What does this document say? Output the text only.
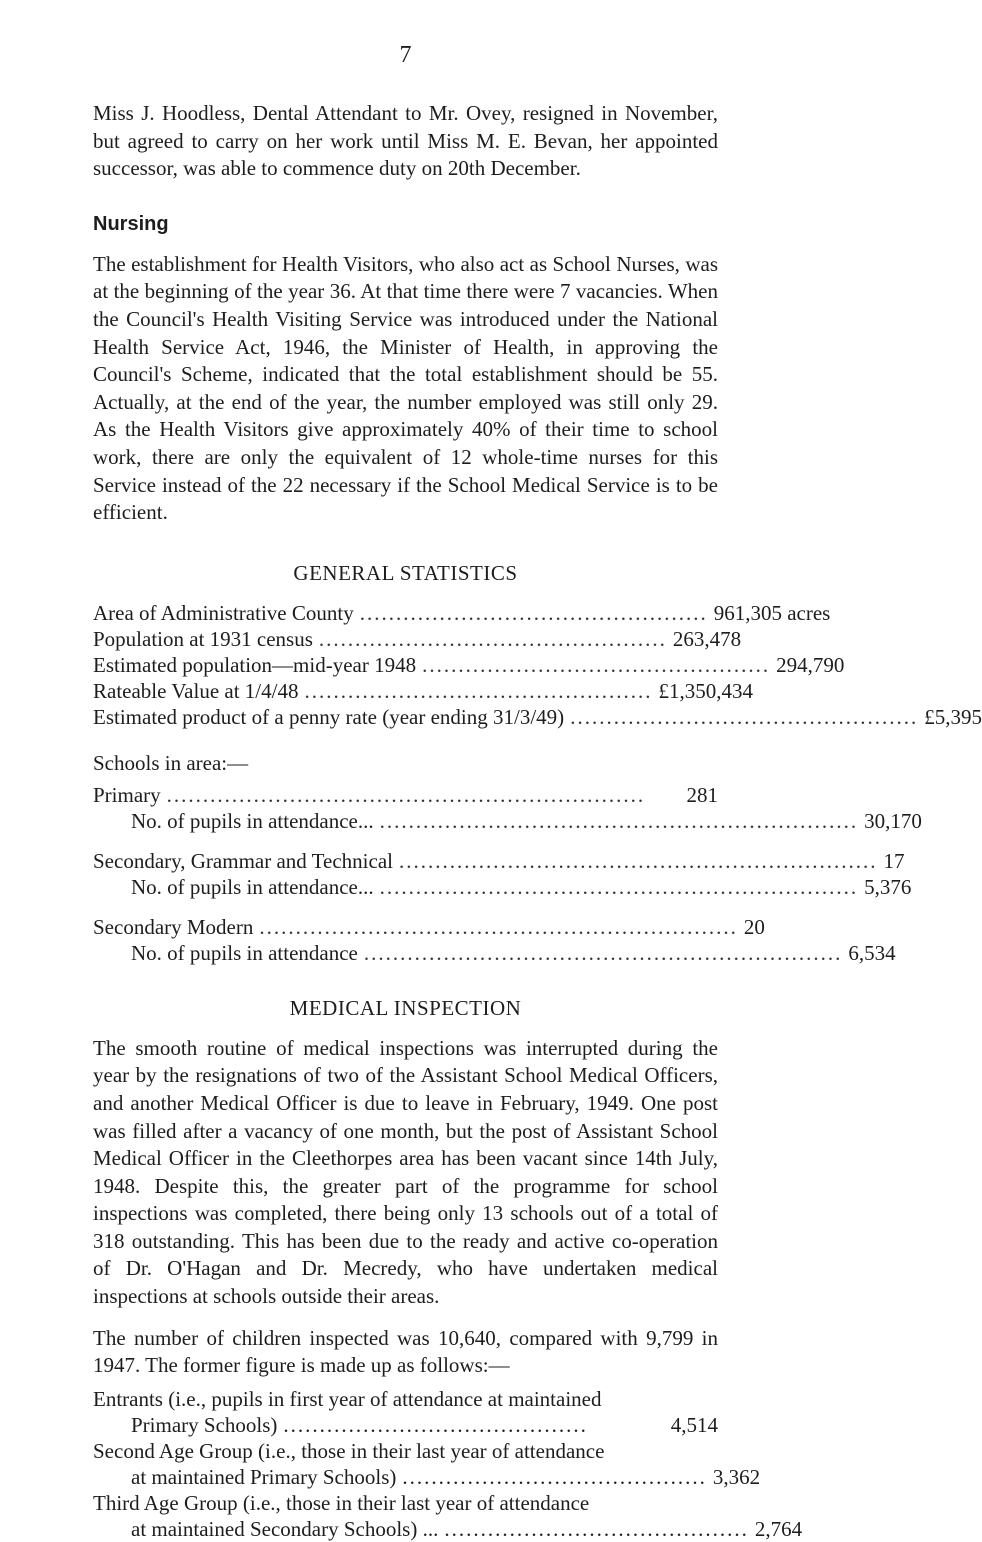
7

Miss J. Hoodless, Dental Attendant to Mr. Ovey, resigned in November, but agreed to carry on her work until Miss M. E. Bevan, her appointed successor, was able to commence duty on 20th December.

Nursing

The establishment for Health Visitors, who also act as School Nurses, was at the beginning of the year 36. At that time there were 7 vacancies. When the Council's Health Visiting Service was introduced under the National Health Service Act, 1946, the Minister of Health, in approving the Council's Scheme, indicated that the total establishment should be 55. Actually, at the end of the year, the number employed was still only 29. As the Health Visitors give approximately 40% of their time to school work, there are only the equivalent of 12 whole-time nurses for this Service instead of the 22 necessary if the School Medical Service is to be efficient.

GENERAL STATISTICS
Area of Administrative County ................................................ 961,305 acres
Population at 1931 census ................................................ 263,478
Estimated population—mid-year 1948 ................................................ 294,790
Rateable Value at 1/4/48 ................................................ £1,350,434
Estimated product of a penny rate (year ending 31/3/49) ................................................ £5,395
Schools in area:—
Primary ..................................................................	281
No. of pupils in attendance... .................................................................. 30,170
Secondary, Grammar and Technical .................................................................. 17
No. of pupils in attendance... .................................................................. 5,376
Secondary Modern .................................................................. 20
No. of pupils in attendance .................................................................. 6,534
MEDICAL INSPECTION

The smooth routine of medical inspections was interrupted during the year by the resignations of two of the Assistant School Medical Officers, and another Medical Officer is due to leave in February, 1949. One post was filled after a vacancy of one month, but the post of Assistant School Medical Officer in the Cleethorpes area has been vacant since 14th July, 1948. Despite this, the greater part of the programme for school inspections was completed, there being only 13 schools out of a total of 318 outstanding. This has been due to the ready and active co-operation of Dr. O'Hagan and Dr. Mecredy, who have undertaken medical inspections at schools outside their areas.

The number of children inspected was 10,640, compared with 9,799 in 1947. The former figure is made up as follows:—

Entrants (i.e., pupils in first year of attendance at maintained
Primary Schools) ..........................................	4,514
Second Age Group (i.e., those in their last year of attendance
at maintained Primary Schools) .......................................... 3,362
Third Age Group (i.e., those in their last year of attendance
at maintained Secondary Schools) ... .......................................... 2,764
